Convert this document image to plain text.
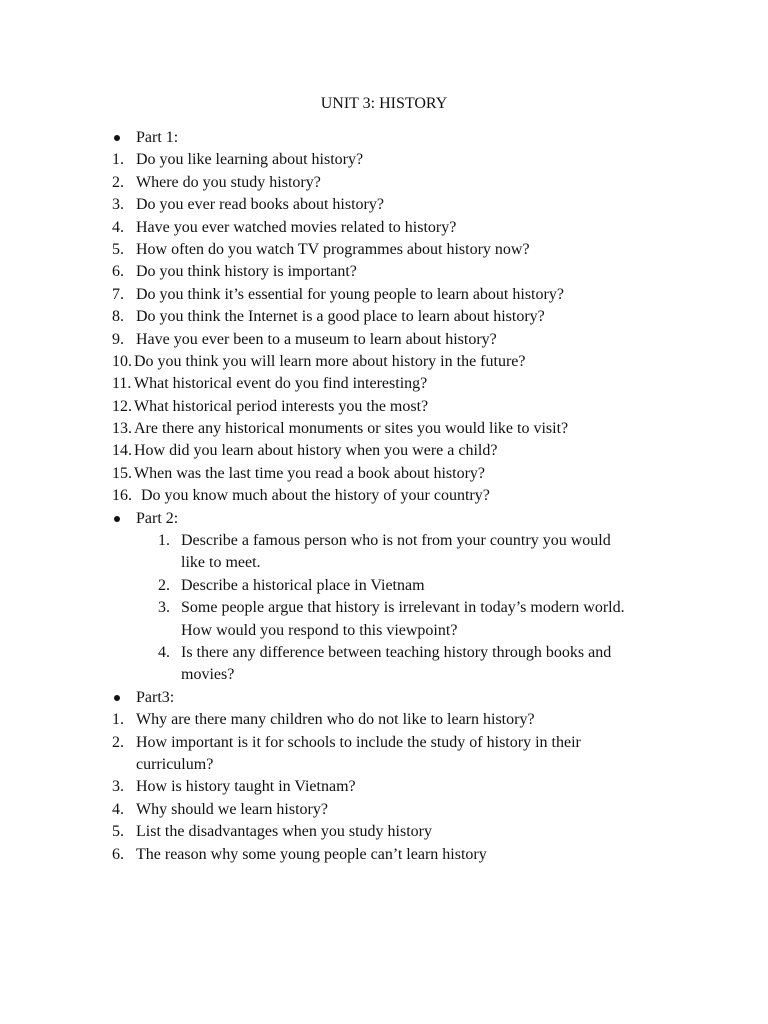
UNIT 3: HISTORY
Part 1:
1. Do you like learning about history?
2. Where do you study history?
3. Do you ever read books about history?
4. Have you ever watched movies related to history?
5. How often do you watch TV programmes about history now?
6. Do you think history is important?
7. Do you think it’s essential for young people to learn about history?
8. Do you think the Internet is a good place to learn about history?
9. Have you ever been to a museum to learn about history?
10. Do you think you will learn more about history in the future?
11. What historical event do you find interesting?
12. What historical period interests you the most?
13. Are there any historical monuments or sites you would like to visit?
14. How did you learn about history when you were a child?
15. When was the last time you read a book about history?
16. Do you know much about the history of your country?
Part 2:
1. Describe a famous person who is not from your country you would
like to meet.
2. Describe a historical place in Vietnam
3. Some people argue that history is irrelevant in today’s modern world.
How would you respond to this viewpoint?
4. Is there any difference between teaching history through books and
movies?
Part3:
1. Why are there many children who do not like to learn history?
2. How important is it for schools to include the study of history in their
curriculum?
3. How is history taught in Vietnam?
4. Why should we learn history?
5. List the disadvantages when you study history
6. The reason why some young people can’t learn history
